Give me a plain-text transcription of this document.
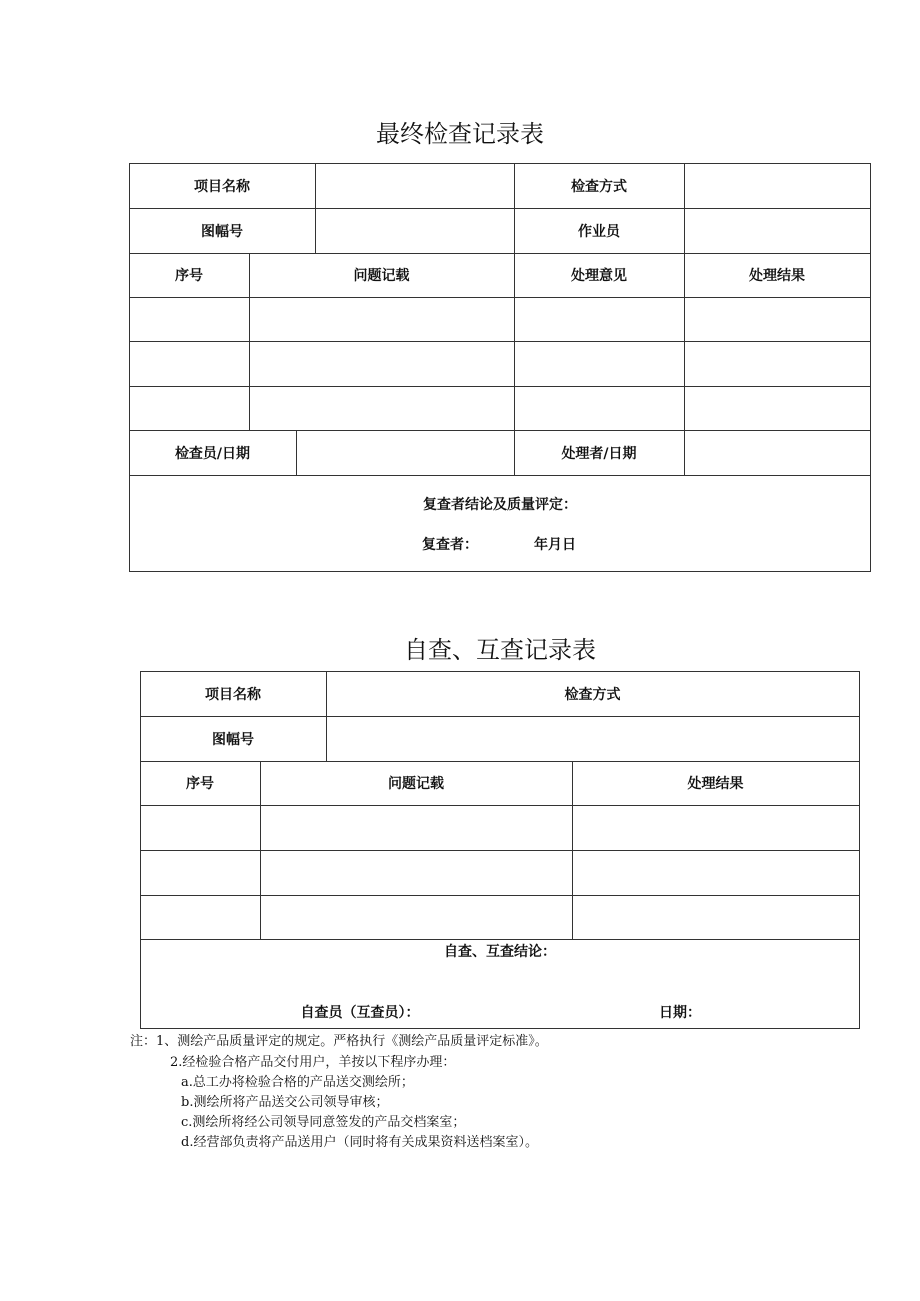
最终检查记录表
项目名称	检查方式
图幅号	作业员
序号	问题记载	处理意见	处理结果
检查员/日期	处理者/日期
复查者结论及质量评定：
复查者：	年月日
自查、互查记录表
项目名称	检查方式
图幅号
序号	问题记载	处理结果
自查、互查结论：
自查员（互查员）：	日期：
注：1、测绘产品质量评定的规定。严格执行《测绘产品质量评定标准》。
2.经检验合格产品交付用户，羊按以下程序办理：
a.总工办将检验合格的产品送交测绘所；
b.测绘所将产品送交公司领导审核；
c.测绘所将经公司领导同意签发的产品交档案室；
d.经营部负责将产品送用户（同时将有关成果资料送档案室）。
